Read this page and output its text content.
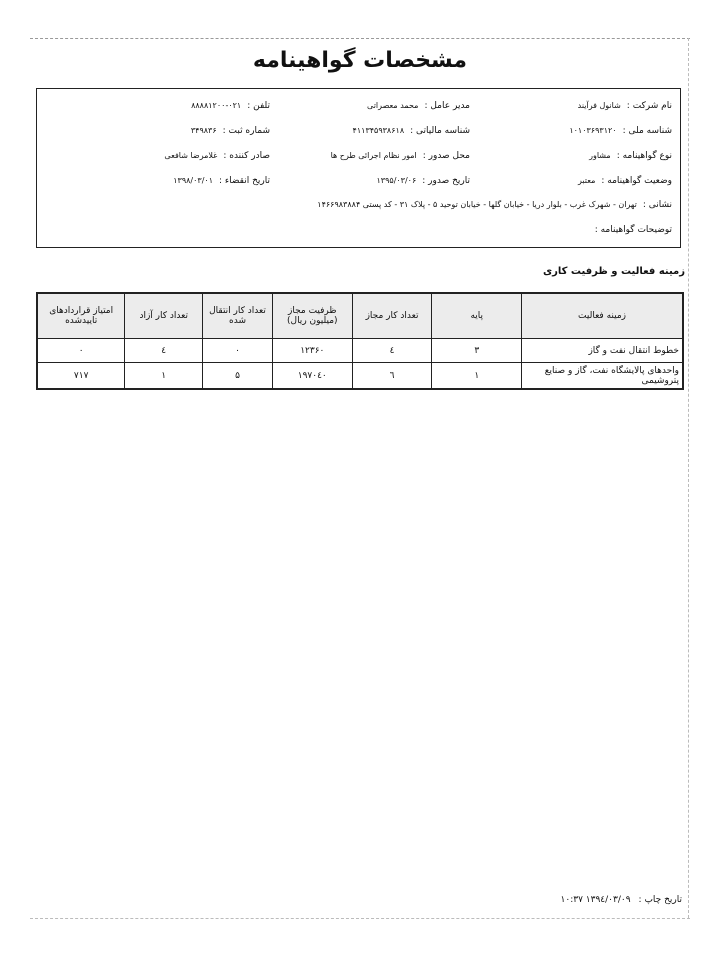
مشخصات گواهینامه
نام شرکت :شانول فرآیند
مدیر عامل :محمد معصراتی
تلفن :۰۲۱-۸۸۸۸۱۲۰۰
شناسه ملی :۱۰۱۰۳۶۹۳۱۲۰
شناسه مالیاتی :۴۱۱۳۴۵۹۳۸۶۱۸
شماره ثبت :۳۴۹۸۳۶
نوع گواهینامه :مشاور
محل صدور :امور نظام اجرائی طرح ها
صادر کننده :غلامرضا شافعی
وضعیت گواهینامه :معتبر
تاریخ صدور :۱۳۹۵/۰۳/۰۶
تاریخ انقضاء :۱۳۹۸/۰۳/۰۱
نشانی :تهران - شهرک غرب - بلوار دریا - خیابان گلها - خیابان توحید ۵ - پلاک ۳۱ - کد پستی ۱۴۶۶۹۸۳۸۸۴
توضیحات گواهینامه :
زمینه فعالیت و ظرفیت کاری
زمینه فعالیت	پایه	تعداد کار مجاز	ظرفیت مجاز (میلیون ریال)	تعداد کار انتقال شده	تعداد کار آزاد	امتیاز قراردادهای تاییدشده
خطوط انتقال نفت و گاز	۳	٤	۱۲۳۶۰	۰	٤	۰
واحدهای پالایشگاه نفت، گاز و صنایع پتروشیمی	۱	٦	۱۹۷۰٤۰	۵	۱	۷۱۷
تاریخ چاپ :۱۳۹٤/۰۳/۰۹ ۱۰:۳۷
